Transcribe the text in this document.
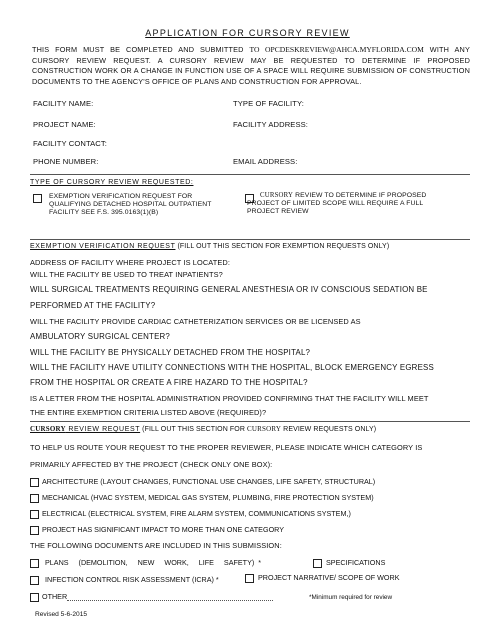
APPLICATION FOR CURSORY REVIEW
THIS FORM MUST BE COMPLETED AND SUBMITTED TO OPCDESKREVIEW@AHCA.MYFLORIDA.COM WITH ANY CURSORY REVIEW REQUEST. A CURSORY REVIEW MAY BE REQUESTED TO DETERMINE IF PROPOSED CONSTRUCTION WORK OR A CHANGE IN FUNCTION USE OF A SPACE WILL REQUIRE SUBMISSION OF CONSTRUCTION DOCUMENTS TO THE AGENCY'S OFFICE OF PLANS AND CONSTRUCTION FOR APPROVAL.
FACILITY NAME:	TYPE OF FACILITY:
PROJECT NAME:	FACILITY ADDRESS:
FACILITY CONTACT:
PHONE NUMBER:	EMAIL ADDRESS:
TYPE OF CURSORY REVIEW REQUESTED:
EXEMPTION VERIFICATION REQUEST FOR QUALIFYING DETACHED HOSPITAL OUTPATIENT FACILITY SEE F.S. 395.0163(1)(B)
CURSORY REVIEW TO DETERMINE IF PROPOSED PROJECT OF LIMITED SCOPE WILL REQUIRE A FULL PROJECT REVIEW
EXEMPTION VERIFICATION REQUEST (FILL OUT THIS SECTION FOR EXEMPTION REQUESTS ONLY)
ADDRESS OF FACILITY WHERE PROJECT IS LOCATED:
WILL THE FACILITY BE USED TO TREAT INPATIENTS?
WILL SURGICAL TREATMENTS REQUIRING GENERAL ANESTHESIA OR IV CONSCIOUS SEDATION BE
PERFORMED AT THE FACILITY?
WILL THE FACILITY PROVIDE CARDIAC CATHETERIZATION SERVICES OR BE LICENSED AS
AMBULATORY SURGICAL CENTER?
WILL THE FACILITY BE PHYSICALLY DETACHED FROM THE HOSPITAL?
WILL THE FACILITY HAVE UTILITY CONNECTIONS WITH THE HOSPITAL, BLOCK EMERGENCY EGRESS
FROM THE HOSPITAL OR CREATE A FIRE HAZARD TO THE HOSPITAL?
IS A LETTER FROM THE HOSPITAL ADMINISTRATION PROVIDED CONFIRMING THAT THE FACILITY WILL MEET
THE ENTIRE EXEMPTION CRITERIA LISTED ABOVE (REQUIRED)?
CURSORY REVIEW REQUEST (FILL OUT THIS SECTION FOR CURSORY REVIEW REQUESTS ONLY)
TO HELP US ROUTE YOUR REQUEST TO THE PROPER REVIEWER, PLEASE INDICATE WHICH CATEGORY IS
PRIMARILY AFFECTED BY THE PROJECT (CHECK ONLY ONE BOX):
ARCHITECTURE (LAYOUT CHANGES, FUNCTIONAL USE CHANGES, LIFE SAFETY, STRUCTURAL)
MECHANICAL (HVAC SYSTEM, MEDICAL GAS SYSTEM, PLUMBING, FIRE PROTECTION SYSTEM)
ELECTRICAL (ELECTRICAL SYSTEM, FIRE ALARM SYSTEM, COMMUNICATIONS SYSTEM,)
PROJECT HAS SIGNIFICANT IMPACT TO MORE THAN ONE CATEGORY
THE FOLLOWING DOCUMENTS ARE INCLUDED IN THIS SUBMISSION:
PLANS     (DEMOLITION,     NEW     WORK,     LIFE     SAFETY)  *	SPECIFICATIONS
INFECTION CONTROL RISK ASSESSMENT (ICRA) *	PROJECT NARRATIVE/ SCOPE OF WORK
OTHER	*Minimum required for review
Revised 5-6-2015
